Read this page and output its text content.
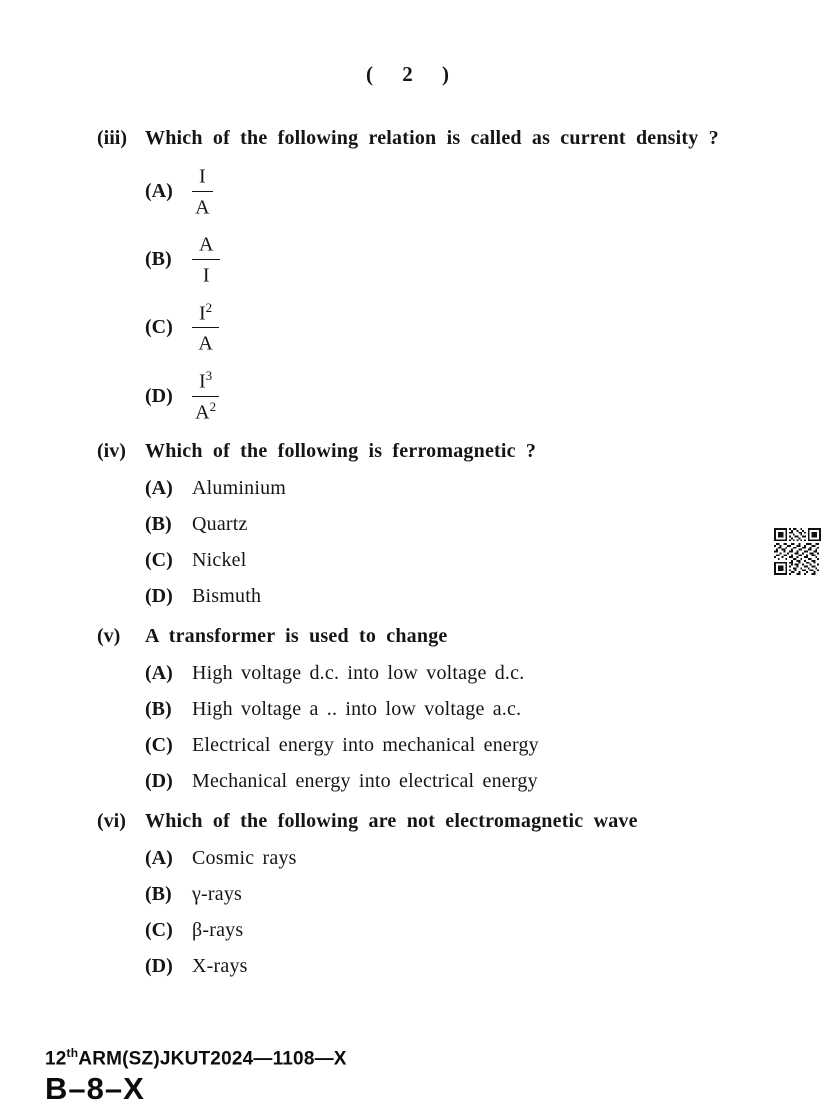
( 2 )
(iii) Which of the following relation is called as current density ?
$(A) \frac{I}{A}$
(B)	$\frac{A}{I}$
$(C) \frac{I^2}{A}$
$(D) \frac{I^3}{A^2}$
(iv) Which of the following is ferromagnetic ?
(A) Aluminium
(B)	Quartz
(C) Nickel
(D) Bismuth
(v)	A transformer is used to change
(A) High voltage d.c. into low voltage d.c.
(B)	High voltage a .. into low voltage a.c.
(C) Electrical energy into mechanical energy
(D) Mechanical energy into electrical energy
(vi) Which of the following are not electromagnetic wave
(A) Cosmic rays
(B)	γ-rays
(C) β-rays
(D) X-rays
12thARM(SZ)JKUT2024—1108—X
B–8–X
